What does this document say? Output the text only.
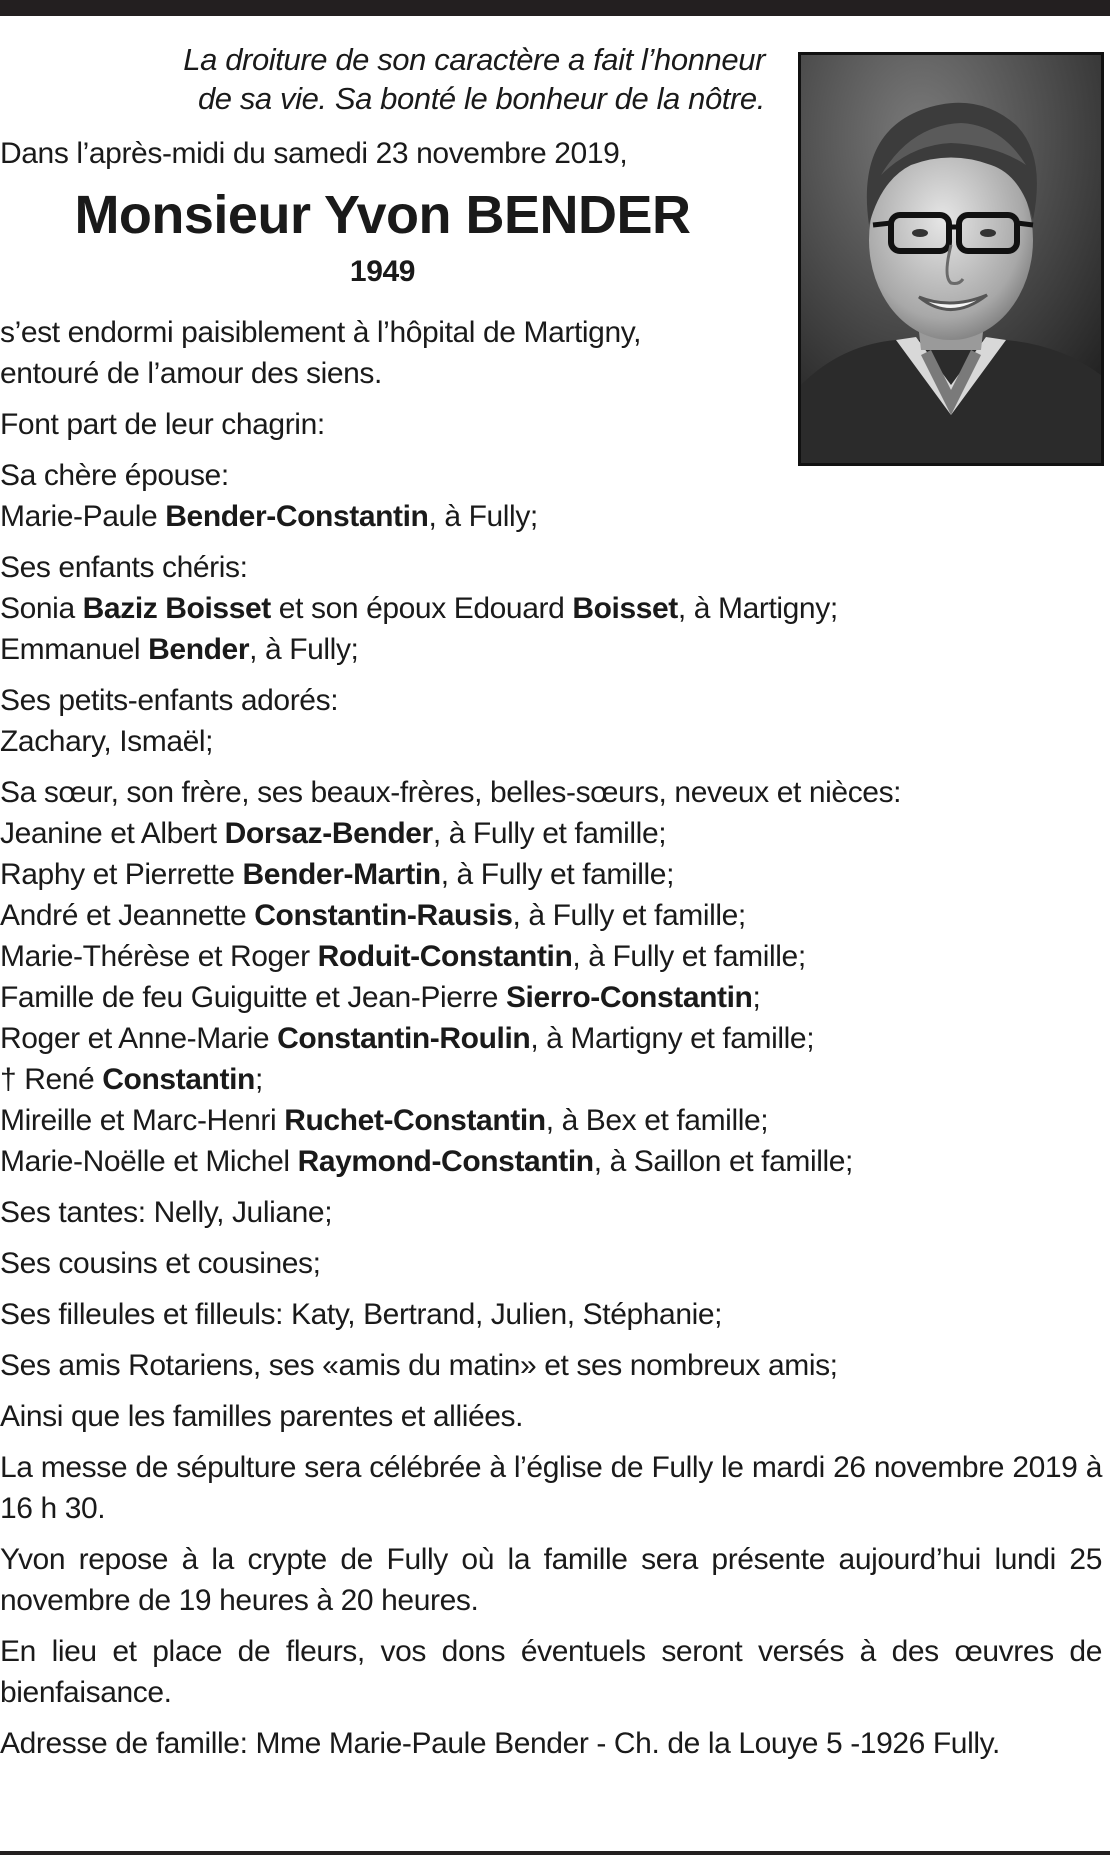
La droiture de son caractère a fait l’honneur
de sa vie. Sa bonté le bonheur de la nôtre.
Dans l’après-midi du samedi 23 novembre 2019,
Monsieur Yvon BENDER
1949
s’est endormi paisiblement à l’hôpital de Martigny,
entouré de l’amour des siens.
Font part de leur chagrin:
Sa chère épouse:
Marie-Paule Bender-Constantin, à Fully;
Ses enfants chéris:
Sonia Baziz Boisset et son époux Edouard Boisset, à Martigny;
Emmanuel Bender, à Fully;
Ses petits-enfants adorés:
Zachary, Ismaël;
Sa sœur, son frère, ses beaux-frères, belles-sœurs, neveux et nièces:
Jeanine et Albert Dorsaz-Bender, à Fully et famille;
Raphy et Pierrette Bender-Martin, à Fully et famille;
André et Jeannette Constantin-Rausis, à Fully et famille;
Marie-Thérèse et Roger Roduit-Constantin, à Fully et famille;
Famille de feu Guiguitte et Jean-Pierre Sierro-Constantin;
Roger et Anne-Marie Constantin-Roulin, à Martigny et famille;
† René Constantin;
Mireille et Marc-Henri Ruchet-Constantin, à Bex et famille;
Marie-Noëlle et Michel Raymond-Constantin, à Saillon et famille;
Ses tantes: Nelly, Juliane;
Ses cousins et cousines;
Ses filleules et filleuls: Katy, Bertrand, Julien, Stéphanie;
Ses amis Rotariens, ses «amis du matin» et ses nombreux amis;
Ainsi que les familles parentes et alliées.
La messe de sépulture sera célébrée à l’église de Fully le mardi 26 novembre 2019 à 16 h 30.
Yvon repose à la crypte de Fully où la famille sera présente aujourd’hui lundi 25 novembre de 19 heures à 20 heures.
En lieu et place de fleurs, vos dons éventuels seront versés à des œuvres de bienfaisance.
Adresse de famille: Mme Marie-Paule Bender - Ch. de la Louye 5 -1926 Fully.
